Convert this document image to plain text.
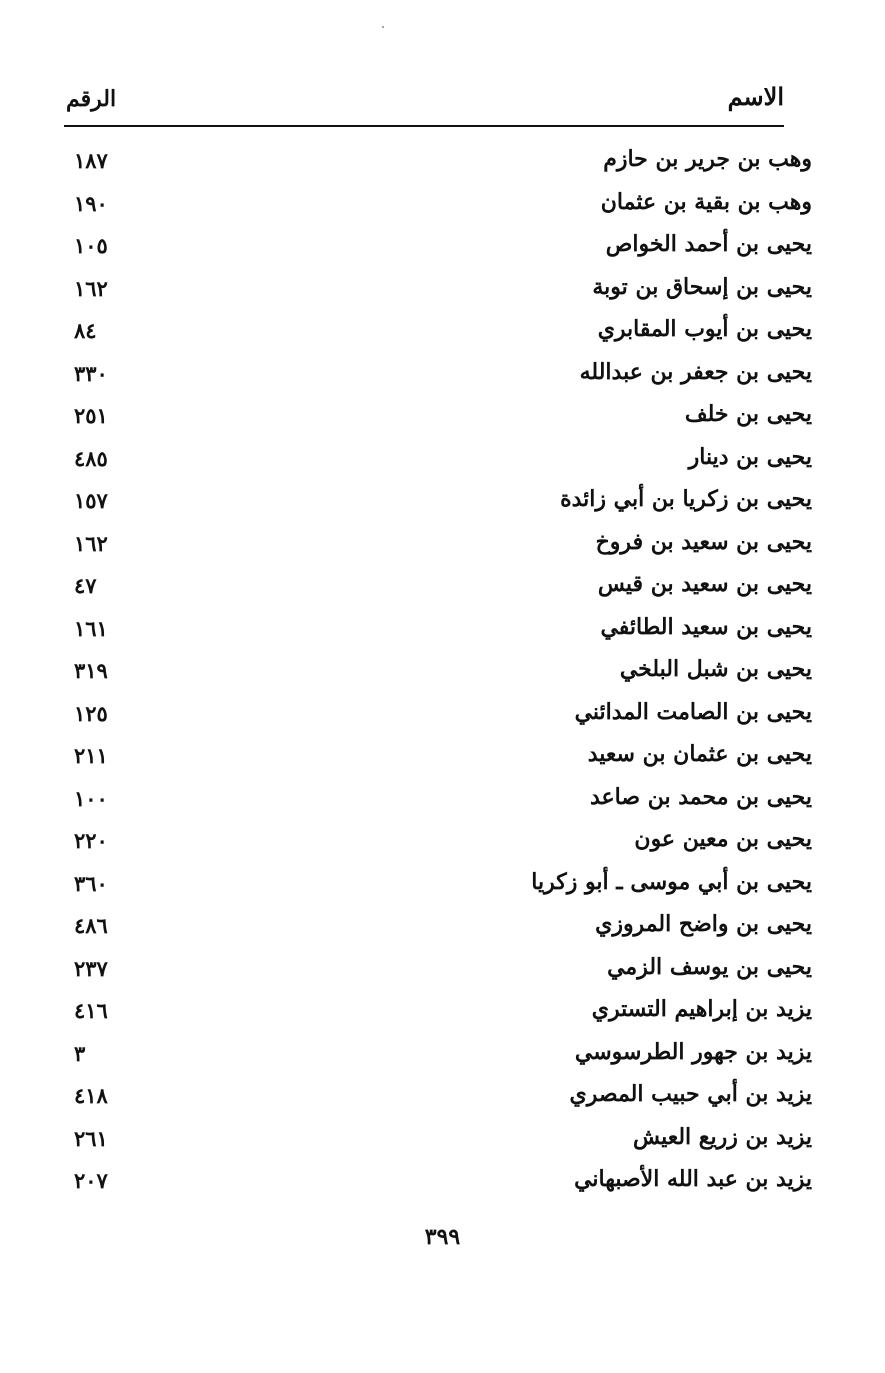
الاسم
الرقم
وهب بن جرير بن حازم
١٨٧
وهب بن بقية بن عثمان
١٩٠
يحيى بن أحمد الخواص
١٠٥
يحيى بن إسحاق بن توبة
١٦٢
يحيى بن أيوب المقابري
٨٤
يحيى بن جعفر بن عبدالله
٣٣٠
يحيى بن خلف
٢٥١
يحيى بن دينار
٤٨٥
يحيى بن زكريا بن أبي زائدة
١٥٧
يحيى بن سعيد بن فروخ
١٦٢
يحيى بن سعيد بن قيس
٤٧
يحيى بن سعيد الطائفي
١٦١
يحيى بن شبل البلخي
٣١٩
يحيى بن الصامت المدائني
١٢٥
يحيى بن عثمان بن سعيد
٢١١
يحيى بن محمد بن صاعد
١٠٠
يحيى بن معين عون
٢٢٠
يحيى بن أبي موسى ـ أبو زكريا
٣٦٠
يحيى بن واضح المروزي
٤٨٦
يحيى بن يوسف الزمي
٢٣٧
يزيد بن إبراهيم التستري
٤١٦
يزيد بن جهور الطرسوسي
٣
يزيد بن أبي حبيب المصري
٤١٨
يزيد بن زريع العيش
٢٦١
يزيد بن عبد الله الأصبهاني
٢٠٧
٣٩٩
